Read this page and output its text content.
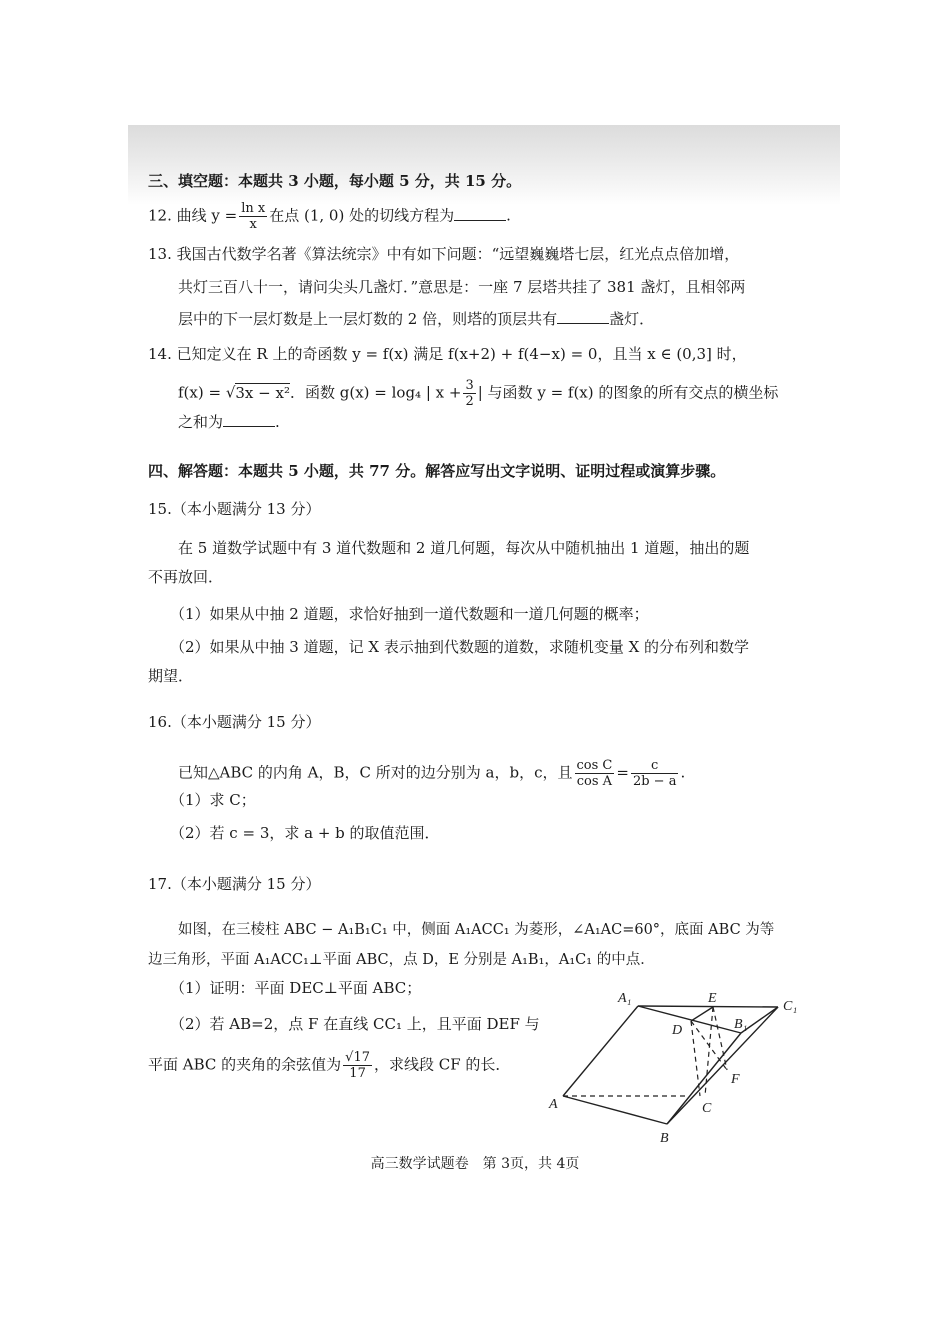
三、填空题：本题共 3 小题，每小题 5 分，共 15 分。
12. 曲线 $y = \frac{\text{ln x}}{x}$ 在点 (1, 0) 处的切线方程为	.
13. 我国古代数学名著《算法统宗》中有如下问题：“远望巍巍塔七层，红光点点倍加增，
共灯三百八十一，请问尖头几盏灯．”意思是：一座 7 层塔共挂了 381 盏灯，且相邻两
层中的下一层灯数是上一层灯数的 2 倍，则塔的顶层共有	盏灯．
14. 已知定义在 R 上的奇函数 y = f(x) 满足 f(x+2) + f(4−x) = 0，且当 x ∈ (0,3] 时，
f(x) = √3x − x²．函数 g(x) = log₄ | $x + \frac{3}{2}$ | 与函数 y = f(x) 的图象的所有交点的横坐标
之和为	.
四、解答题：本题共 5 小题，共 77 分。解答应写出文字说明、证明过程或演算步骤。
15.（本小题满分 13 分）
在 5 道数学试题中有 3 道代数题和 2 道几何题，每次从中随机抽出 1 道题，抽出的题
不再放回．
（1）如果从中抽 2 道题，求恰好抽到一道代数题和一道几何题的概率；
（2）如果从中抽 3 道题，记 X 表示抽到代数题的道数，求随机变量 X 的分布列和数学
期望．
16.（本小题满分 15 分）
已知△ABC 的内角 A，B，C 所对的边分别为 a，b，c，且 $\frac{\text{cos C}}{\text{cos A}} = \frac{c}{2b - a}$ .
（1）求 C；
（2）若 c = 3，求 a + b 的取值范围．
17.（本小题满分 15 分）
如图，在三棱柱 ABC − A₁B₁C₁ 中，侧面 A₁ACC₁ 为菱形，∠A₁AC=60°，底面 ABC 为等
边三角形，平面 A₁ACC₁⊥平面 ABC，点 D，E 分别是 A₁B₁，A₁C₁ 的中点．
（1）证明：平面 DEC⊥平面 ABC；
（2）若 AB=2，点 F 在直线 CC₁ 上，且平面 DEF 与
平面 ABC 的夹角的余弦值为 $\frac{√17}{17}$ ，求线段 CF 的长．
A₁	E
C₁
D	B₁
F
A	C
B
高三数学试题卷　第 3页，共 4页
